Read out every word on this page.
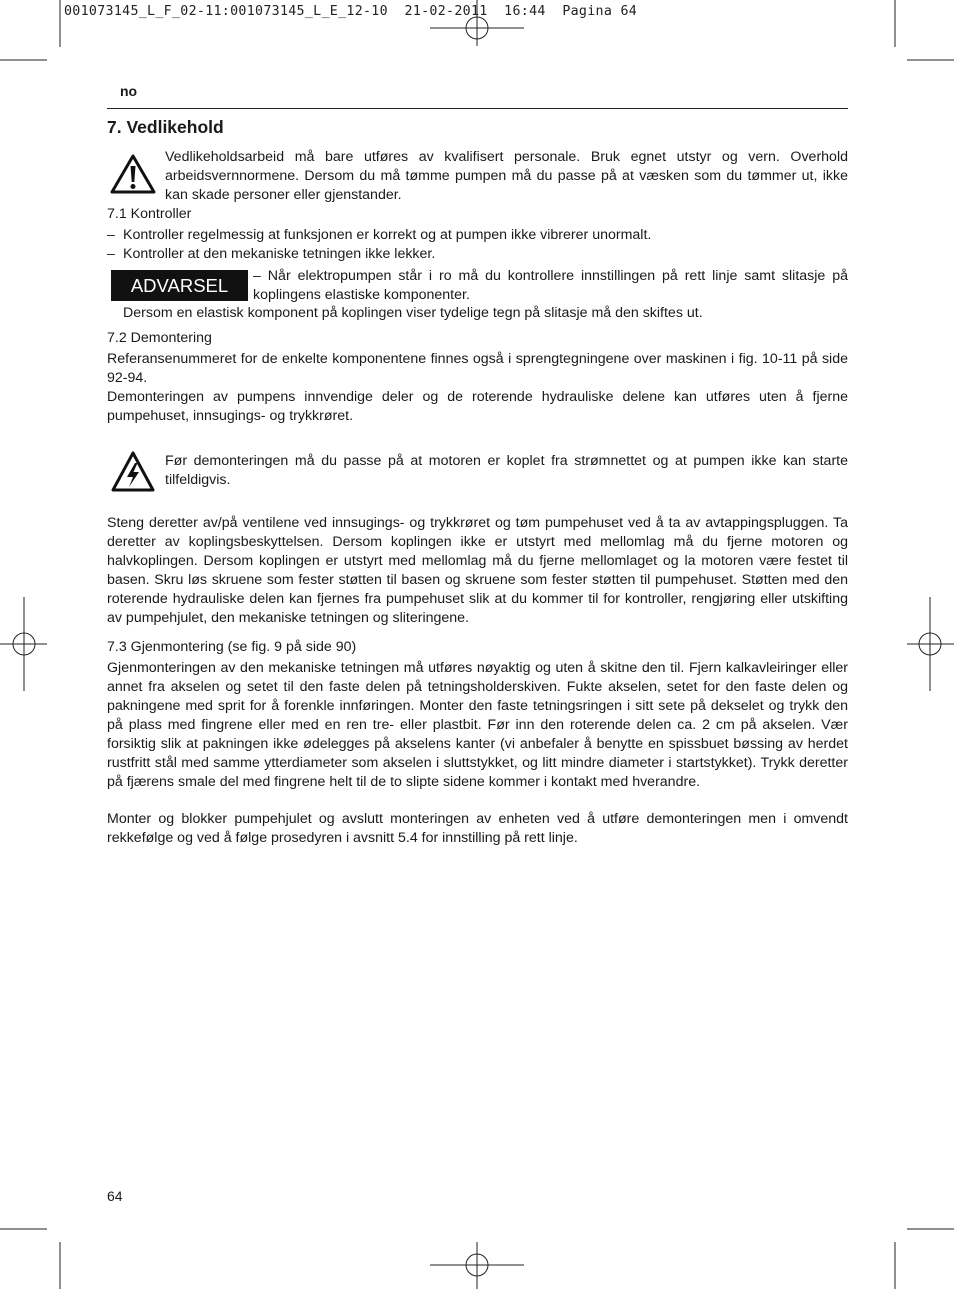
001073145_L_F_02-11:001073145_L_E_12-10  21-02-2011  16:44  Pagina 64
no
7. Vedlikehold
Vedlikeholdsarbeid må bare utføres av kvalifisert personale. Bruk egnet utstyr og vern. Overhold arbeidsvernnormene. Dersom du må tømme pumpen må du passe på at væsken som du tømmer ut, ikke kan skade personer eller gjenstander.
7.1 Kontroller
– Kontroller regelmessig at funksjonen er korrekt og at pumpen ikke vibrerer unormalt.
– Kontroller at den mekaniske tetningen ikke lekker.
ADVARSEL	– Når elektropumpen står i ro må du kontrollere innstillingen på rett linje samt slitasje på koplingens elastiske komponenter.
Dersom en elastisk komponent på koplingen viser tydelige tegn på slitasje må den skiftes ut.
7.2 Demontering
Referansenummeret for de enkelte komponentene finnes også i sprengtegningene over maskinen i fig. 10-11 på side 92-94.
Demonteringen av pumpens innvendige deler og de roterende hydrauliske delene kan utføres uten å fjerne pumpehuset, innsugings- og trykkrøret.
Før demonteringen må du passe på at motoren er koplet fra strømnettet og at pumpen ikke kan starte tilfeldigvis.
Steng deretter av/på ventilene ved innsugings- og trykkrøret og tøm pumpehuset ved å ta av avtappingspluggen. Ta deretter av koplingsbeskyttelsen. Dersom koplingen ikke er utstyrt med mellomlag må du fjerne motoren og halvkoplingen. Dersom koplingen er utstyrt med mellomlag må du fjerne mellomlaget og la motoren være festet til basen. Skru løs skruene som fester støtten til basen og skruene som fester støtten til pumpehuset. Støtten med den roterende hydrauliske delen kan fjernes fra pumpehuset slik at du kommer til for kontroller, rengjøring eller utskifting av pumpehjulet, den mekaniske tetningen og sliteringene.
7.3 Gjenmontering (se fig. 9 på side 90)
Gjenmonteringen av den mekaniske tetningen må utføres nøyaktig og uten å skitne den til. Fjern kalkavleiringer eller annet fra akselen og setet til den faste delen på tetningsholderskiven. Fukte akselen, setet for den faste delen og pakningene med sprit for å forenkle innføringen. Monter den faste tetningsringen i sitt sete på dekselet og trykk den på plass med fingrene eller med en ren tre- eller plastbit. Før inn den roterende delen ca. 2 cm på akselen. Vær forsiktig slik at pakningen ikke ødelegges på akselens kanter (vi anbefaler å benytte en spissbuet bøssing av herdet rustfritt stål med samme ytterdiameter som akselen i sluttstykket, og litt mindre diameter i startstykket). Trykk deretter på fjærens smale del med fingrene helt til de to slipte sidene kommer i kontakt med hverandre.
Monter og blokker pumpehjulet og avslutt monteringen av enheten ved å utføre demonteringen men i omvendt rekkefølge og ved å følge prosedyren i avsnitt 5.4 for innstilling på rett linje.
64
